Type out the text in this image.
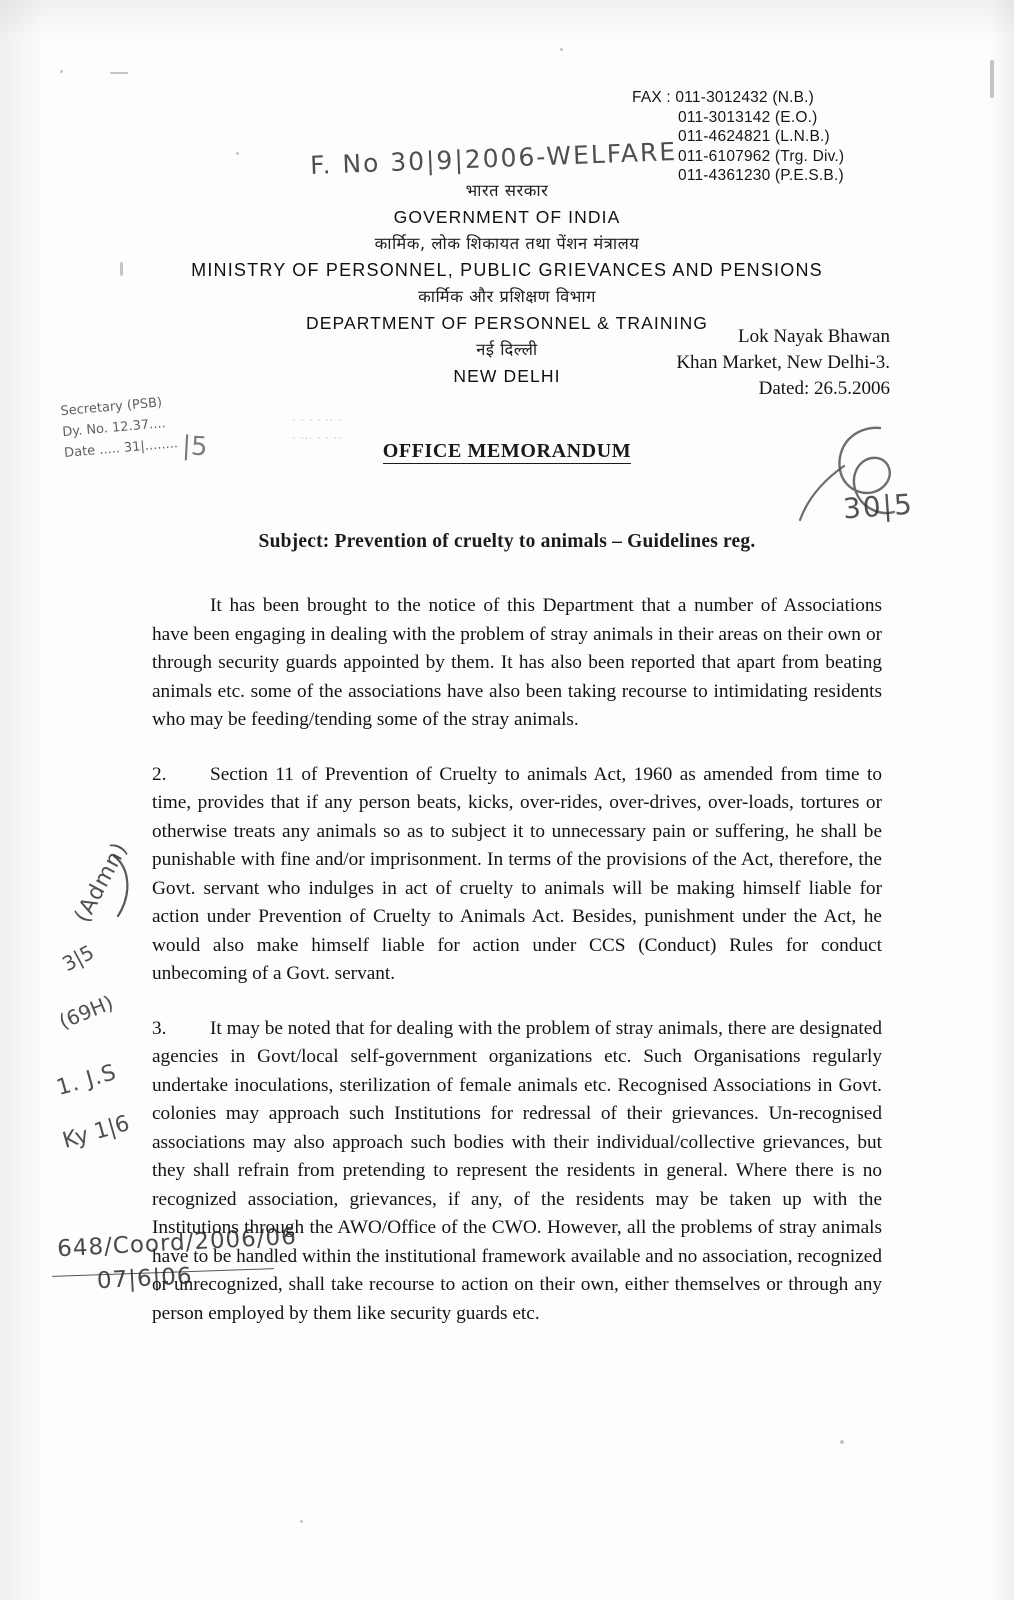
· · · · ·· ·
· ··· · · ··
FAX : 011-3012432 (N.B.)
011-3013142 (E.O.)
011-4624821 (L.N.B.)
011-6107962 (Trg. Div.)
011-4361230 (P.E.S.B.)
F. No 30|9|2006-WELFARE
भारत सरकार
GOVERNMENT OF INDIA
कार्मिक, लोक शिकायत तथा पेंशन मंत्रालय
MINISTRY OF PERSONNEL, PUBLIC GRIEVANCES AND PENSIONS
कार्मिक और प्रशिक्षण विभाग
DEPARTMENT OF PERSONNEL & TRAINING
नई दिल्ली
NEW DELHI
Lok Nayak Bhawan
Khan Market, New Delhi-3.
Dated: 26.5.2006
Secretary (PSB)
Dy. No. 12.37....
Date ..... 31|........ |5	OFFICE MEMORANDUM
30|5
Subject: Prevention of cruelty to animals – Guidelines reg.

It has been brought to the notice of this Department that a number of Associations have been engaging in dealing with the problem of stray animals in their areas on their own or through security guards appointed by them. It has also been reported that apart from beating animals etc. some of the associations have also been taking recourse to intimidating residents who may be feeding/tending some of the stray animals.

2. Section 11 of Prevention of Cruelty to animals Act, 1960 as amended from time to time, provides that if any person beats, kicks, over-rides, over-drives, over-loads, tortures or otherwise treats any animals so as to subject it to unnecessary pain or suffering, he shall be punishable with fine and/or imprisonment. In terms of the provisions of the Act, therefore, the Govt. servant who indulges in act of cruelty to animals will be making himself liable for action under Prevention of Cruelty to Animals Act. Besides, punishment under the Act, he would also make himself liable for action under CCS (Conduct) Rules for conduct unbecoming of a Govt. servant.

3. It may be noted that for dealing with the problem of stray animals, there are designated agencies in Govt/local self-government organizations etc. Such Organisations regularly undertake inoculations, sterilization of female animals etc. Recognised Associations in Govt. colonies may approach such Institutions for redressal of their grievances. Un-recognised associations may also approach such bodies with their individual/collective grievances, but they shall refrain from pretending to represent the residents in general. Where there is no recognized association, grievances, if any, of the residents may be taken up with the Institutions through the AWO/Office of the CWO. However, all the problems of stray animals have to be handled within the institutional framework available and no association, recognized or unrecognized, shall take recourse to action on their own, either themselves or through any person employed by them like security guards etc.

(Admn)
3|5
(69H)
1. J.S
Ky 1|6
648/Coord/2006/06
07|6|06
